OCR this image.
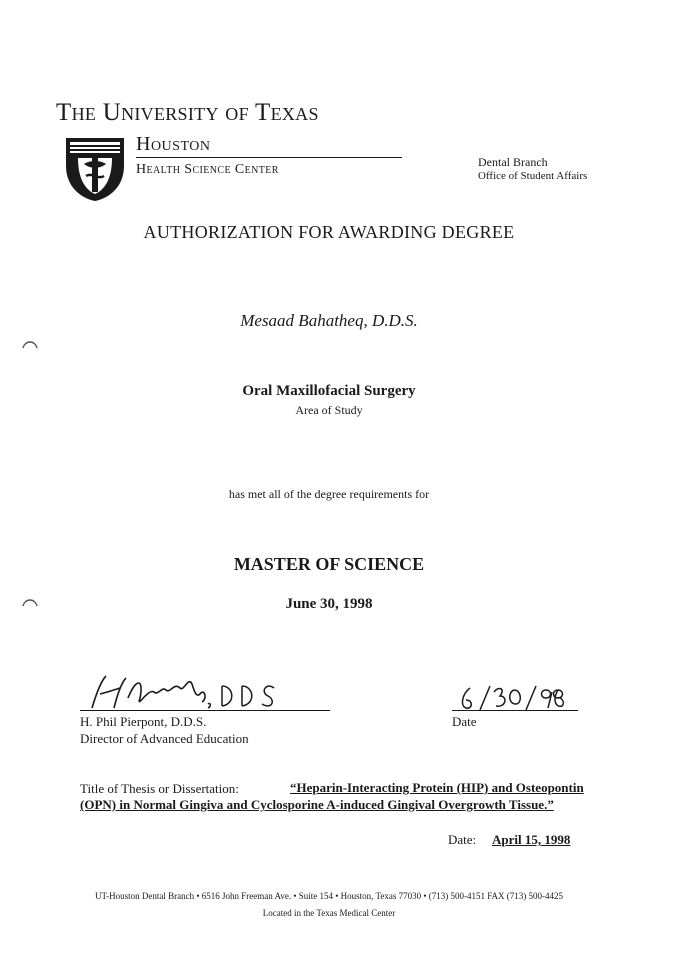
The University of Texas
Houston
Health Science Center	Dental Branch
Office of Student Affairs
AUTHORIZATION FOR AWARDING DEGREE
Mesaad Bahatheq, D.D.S.
Oral Maxillofacial Surgery
Area of Study
has met all of the degree requirements for
MASTER OF SCIENCE
June 30, 1998
H. Phil Pierpont, D.D.S.
Director of Advanced Education
Date
Title of Thesis or Dissertation:	“Heparin-Interacting Protein (HIP) and Osteopontin
(OPN) in Normal Gingiva and Cyclosporine A-induced Gingival Overgrowth Tissue.”
Date: April 15, 1998
UT-Houston Dental Branch • 6516 John Freeman Ave. • Suite 154 • Houston, Texas 77030 • (713) 500-4151 FAX (713) 500-4425
Located in the Texas Medical Center
